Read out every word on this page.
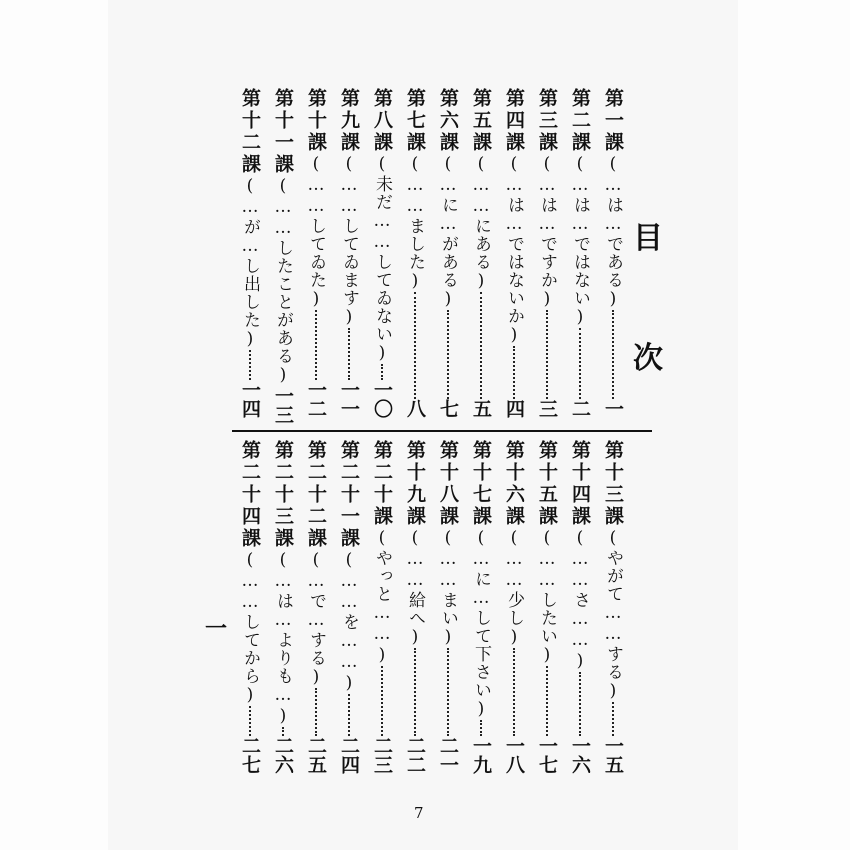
目
次
第一課(…は…である)一
第二課(…は…ではない)二
第三課(…は…ですか)三
第四課(…は…ではないか)四
第五課(……にある)五
第六課(…に…がある)七
第七課(……ました)八
第八課(未だ……してゐない)一〇
第九課(……してゐます)一一
第十課(……してゐた)一二
第十一課(……したことがある)一三
第十二課(…が…し出した)一四
第十三課(やがて……する)一五
第十四課(……さ……)一六
第十五課(……したい)一七
第十六課(……少し)一八
第十七課(…に…して下さい)一九
第十八課(……まい)二一
第十九課(……給へ)二二
第二十課(やっと……)二三
第二十一課(……を……)二四
第二十二課(…で…する)二五
第二十三課(…は…よりも…)二六
第二十四課(……してから)二七
一
7
